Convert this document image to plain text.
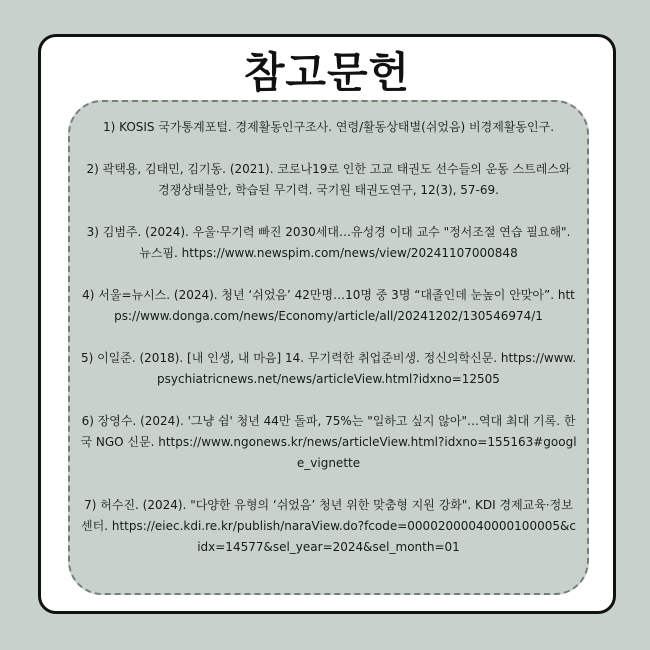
참고문헌
1) KOSIS 국가통계포털. 경제활동인구조사. 연령/활동상태별(쉬었음) 비경제활동인구.
2) 곽택용, 김태민, 김기동. (2021). 코로나19로 인한 고교 태권도 선수들의 운동 스트레스와 경쟁상태불안, 학습된 무기력. 국기원 태권도연구, 12(3), 57-69.
3) 김범주. (2024). 우울·무기력 빠진 2030세대…유성경 이대 교수 "정서조절 연습 필요해". 뉴스핌. https://www.newspim.com/news/view/20241107000848
4) 서울=뉴시스. (2024). 청년 ‘쉬었음’ 42만명…10명 중 3명 “대졸인데 눈높이 안맞아”. https://www.donga.com/news/Economy/article/all/20241202/130546974/1
5) 이일준. (2018). [내 인생, 내 마음] 14. 무기력한 취업준비생. 정신의학신문. https://www.psychiatricnews.net/news/articleView.html?idxno=12505
6) 장영수. (2024). '그냥 쉼' 청년 44만 돌파, 75%는 "일하고 싶지 않아"…역대 최대 기록. 한국 NGO 신문. https://www.ngonews.kr/news/articleView.html?idxno=155163#google_vignette
7) 허수진. (2024). "다양한 유형의 ‘쉬었음’ 청년 위한 맞춤형 지원 강화". KDI 경제교육·정보센터. https://eiec.kdi.re.kr/publish/naraView.do?fcode=00002000040000100005&cidx=14577&sel_year=2024&sel_month=01
